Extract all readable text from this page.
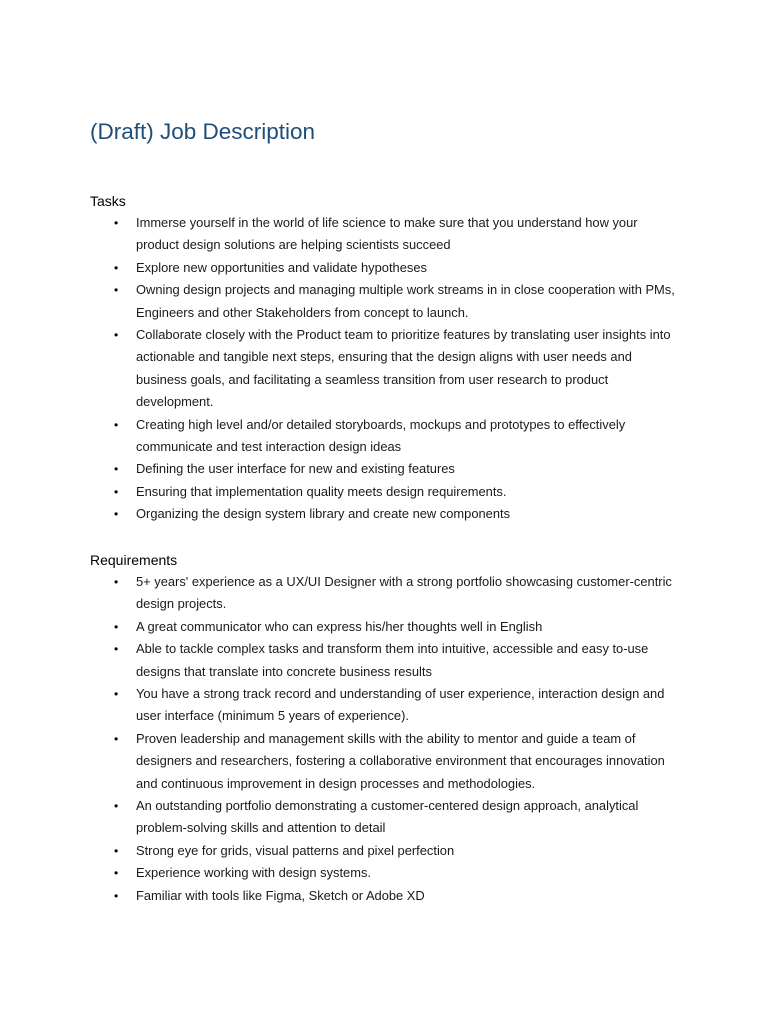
(Draft) Job Description
Tasks
• Immerse yourself in the world of life science to make sure that you understand how your product design solutions are helping scientists succeed
• Explore new opportunities and validate hypotheses
• Owning design projects and managing multiple work streams in in close cooperation with PMs, Engineers and other Stakeholders from concept to launch.
• Collaborate closely with the Product team to prioritize features by translating user insights into actionable and tangible next steps, ensuring that the design aligns with user needs and business goals, and facilitating a seamless transition from user research to product development.
• Creating high level and/or detailed storyboards, mockups and prototypes to effectively communicate and test interaction design ideas
• Defining the user interface for new and existing features
• Ensuring that implementation quality meets design requirements.
• Organizing the design system library and create new components
Requirements
• 5+ years' experience as a UX/UI Designer with a strong portfolio showcasing customer-centric design projects.
• A great communicator who can express his/her thoughts well in English
• Able to tackle complex tasks and transform them into intuitive, accessible and easy to-use designs that translate into concrete business results
• You have a strong track record and understanding of user experience, interaction design and user interface (minimum 5 years of experience).
• Proven leadership and management skills with the ability to mentor and guide a team of designers and researchers, fostering a collaborative environment that encourages innovation and continuous improvement in design processes and methodologies.
• An outstanding portfolio demonstrating a customer-centered design approach, analytical problem-solving skills and attention to detail
• Strong eye for grids, visual patterns and pixel perfection
• Experience working with design systems.
• Familiar with tools like Figma, Sketch or Adobe XD
